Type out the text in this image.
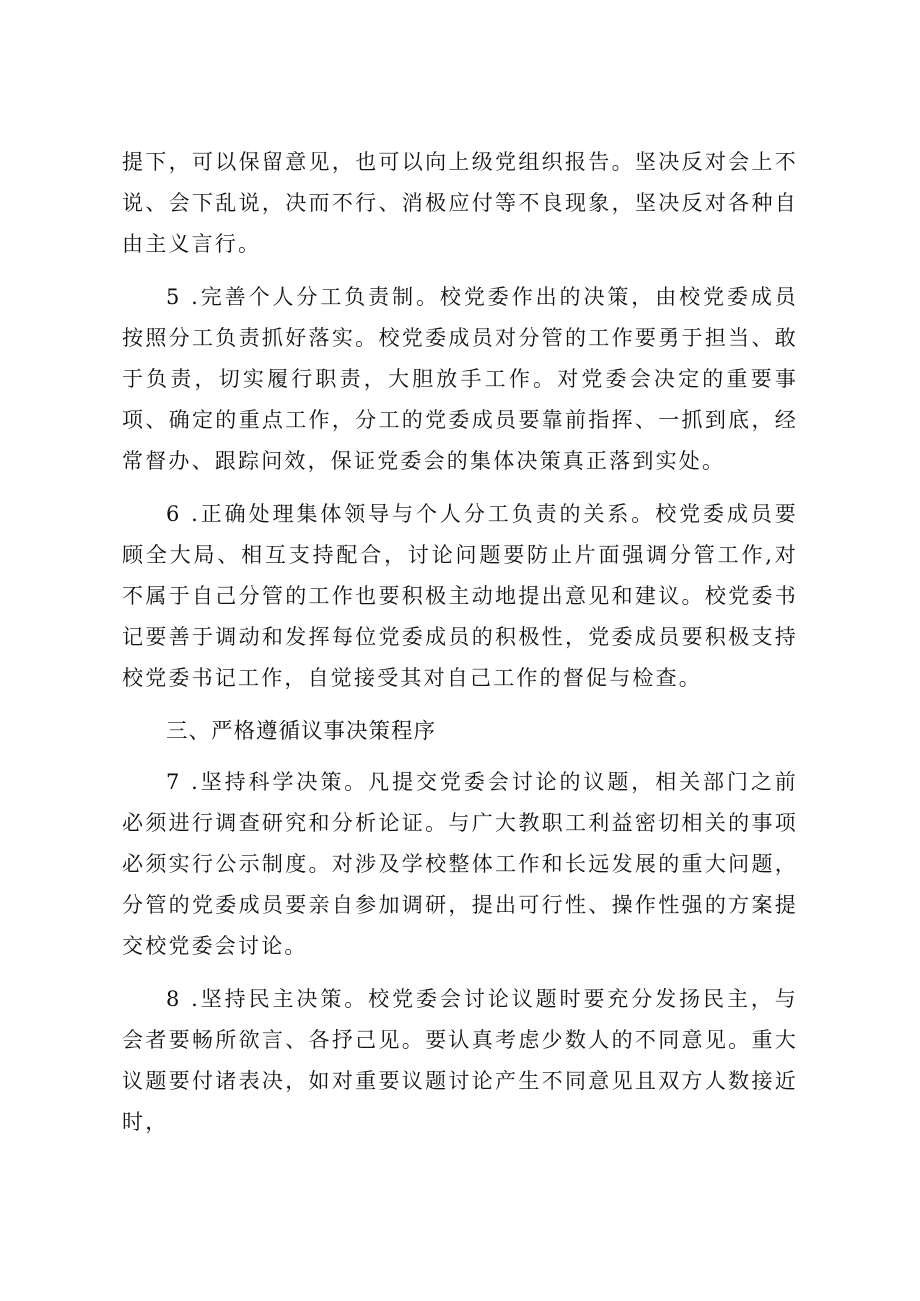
提下，可以保留意见，也可以向上级党组织报告。坚决反对会上不说、会下乱说，决而不行、消极应付等不良现象，坚决反对各种自由主义言行。

5 .完善个人分工负责制。校党委作出的决策，由校党委成员按照分工负责抓好落实。校党委成员对分管的工作要勇于担当、敢于负责，切实履行职责，大胆放手工作。对党委会决定的重要事项、确定的重点工作，分工的党委成员要靠前指挥、一抓到底，经常督办、跟踪问效，保证党委会的集体决策真正落到实处。

6 .正确处理集体领导与个人分工负责的关系。校党委成员要顾全大局、相互支持配合，讨论问题要防止片面强调分管工作,对不属于自己分管的工作也要积极主动地提出意见和建议。校党委书记要善于调动和发挥每位党委成员的积极性，党委成员要积极支持校党委书记工作，自觉接受其对自己工作的督促与检查。

三、严格遵循议事决策程序

7 .坚持科学决策。凡提交党委会讨论的议题，相关部门之前必须进行调查研究和分析论证。与广大教职工利益密切相关的事项必须实行公示制度。对涉及学校整体工作和长远发展的重大问题，分管的党委成员要亲自参加调研，提出可行性、操作性强的方案提交校党委会讨论。

8 .坚持民主决策。校党委会讨论议题时要充分发扬民主，与会者要畅所欲言、各抒己见。要认真考虑少数人的不同意见。重大议题要付诸表决，如对重要议题讨论产生不同意见且双方人数接近时，
